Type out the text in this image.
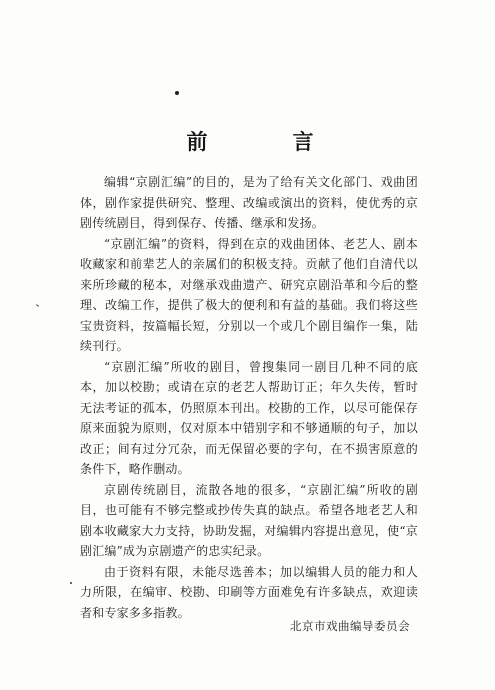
前　言

编辑“京剧汇编”的目的，是为了给有关文化部门、戏曲团体，剧作家提供研究、整理、改编或演出的资料，使优秀的京剧传统剧目，得到保存、传播、继承和发扬。

“京剧汇编”的资料，得到在京的戏曲团体、老艺人、剧本收藏家和前辈艺人的亲属们的积极支持。贡献了他们自清代以来所珍藏的秘本，对继承戏曲遗产、研究京剧沿革和今后的整理、改编工作，提供了极大的便利和有益的基础。我们将这些宝贵资料，按篇幅长短，分别以一个或几个剧目编作一集，陆续刊行。

“京剧汇编”所收的剧目，曾搜集同一剧目几种不同的底本，加以校勘；或请在京的老艺人帮助订正；年久失传，暂时无法考证的孤本，仍照原本刊出。校勘的工作，以尽可能保存原来面貌为原则，仅对原本中错别字和不够通顺的句子，加以改正；间有过分冗杂，而无保留必要的字句，在不损害原意的条件下，略作删动。

京剧传统剧目，流散各地的很多，“京剧汇编”所收的剧目，也可能有不够完整或抄传失真的缺点。希望各地老艺人和剧本收藏家大力支持，协助发掘，对编辑内容提出意见，使“京剧汇编”成为京剧遗产的忠实纪录。

由于资料有限，未能尽选善本；加以编辑人员的能力和人力所限，在编审、校勘、印刷等方面难免有许多缺点，欢迎读者和专家多多指教。

北京市戏曲编导委员会
